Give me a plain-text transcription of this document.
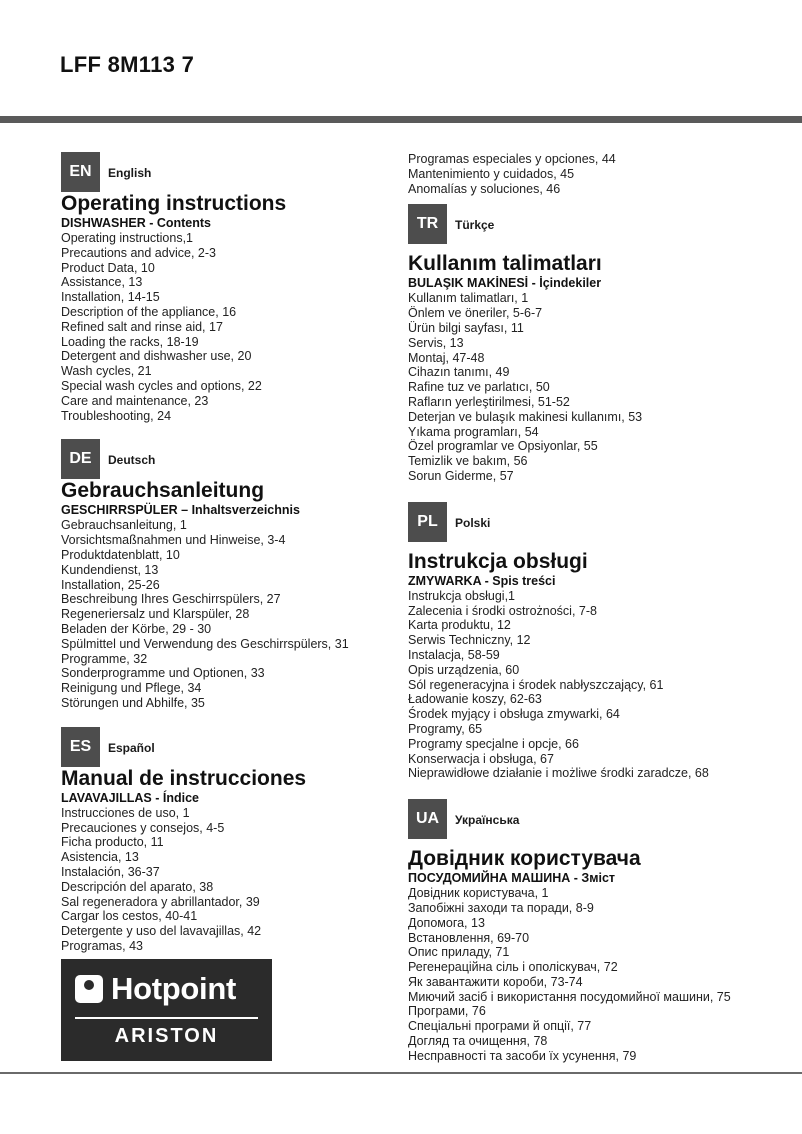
LFF 8M113 7
EN	English
Operating instructions
DISHWASHER - Contents
Operating instructions,1
Precautions and advice, 2-3
Product Data, 10
Assistance, 13
Installation, 14-15
Description of the appliance, 16
Refined salt and rinse aid, 17
Loading the racks, 18-19
Detergent and dishwasher use, 20
Wash cycles, 21
Special wash cycles and options, 22
Care and maintenance, 23
Troubleshooting, 24
DE	Deutsch
Gebrauchsanleitung
GESCHIRRSPÜLER – Inhaltsverzeichnis
Gebrauchsanleitung, 1
Vorsichtsmaßnahmen und Hinweise, 3-4
Produktdatenblatt, 10
Kundendienst, 13
Installation, 25-26
Beschreibung Ihres Geschirrspülers, 27
Regeneriersalz und Klarspüler, 28
Beladen der Körbe, 29 - 30
Spülmittel und Verwendung des Geschirrspülers, 31
Programme, 32
Sonderprogramme und Optionen, 33
Reinigung und Pflege, 34
Störungen und Abhilfe, 35
ES	Español
Manual de instrucciones
LAVAVAJILLAS - Índice
Instrucciones de uso, 1
Precauciones y consejos, 4-5
Ficha producto, 11
Asistencia, 13
Instalación, 36-37
Descripción del aparato, 38
Sal regeneradora y abrillantador, 39
Cargar los cestos, 40-41
Detergente y uso del lavavajillas, 42
Programas, 43
Programas especiales y opciones, 44
Mantenimiento y cuidados, 45
Anomalías y soluciones, 46
TR	Türkçe
Kullanım talimatları
BULAŞIK MAKİNESİ - İçindekiler
Kullanım talimatları, 1
Önlem ve öneriler, 5-6-7
Ürün bilgi sayfası, 11
Servis, 13
Montaj, 47-48
Cihazın tanımı, 49
Rafine tuz ve parlatıcı, 50
Rafların yerleştirilmesi, 51-52
Deterjan ve bulaşık makinesi kullanımı, 53
Yıkama programları, 54
Özel programlar ve Opsiyonlar, 55
Temizlik ve bakım, 56
Sorun Giderme, 57
PL	Polski
Instrukcja obsługi
ZMYWARKA - Spis treści
Instrukcja obsługi,1
Zalecenia i środki ostrożności, 7-8
Karta produktu, 12
Serwis Techniczny, 12
Instalacja, 58-59
Opis urządzenia, 60
Sól regeneracyjna i środek nabłyszczający, 61
Ładowanie koszy, 62-63
Środek myjący i obsługa zmywarki, 64
Programy, 65
Programy specjalne i opcje, 66
Konserwacja i obsługa, 67
Nieprawidłowe działanie i możliwe środki zaradcze, 68
UA	Українська
Довідник користувача
ПОСУДОМИЙНА МАШИНА - Зміст
Довідник користувача, 1
Запобіжні заходи та поради, 8-9
Допомога, 13
Встановлення, 69-70
Опис приладу, 71
Регенераційна сіль і ополіскувач, 72
Як завантажити короби, 73-74
Миючий засіб і використання посудомийної машини, 75
Програми, 76
Спеціальні програми й опції, 77
Догляд та очищення, 78
Несправності та засоби їх усунення, 79
Hotpoint
ARISTON
